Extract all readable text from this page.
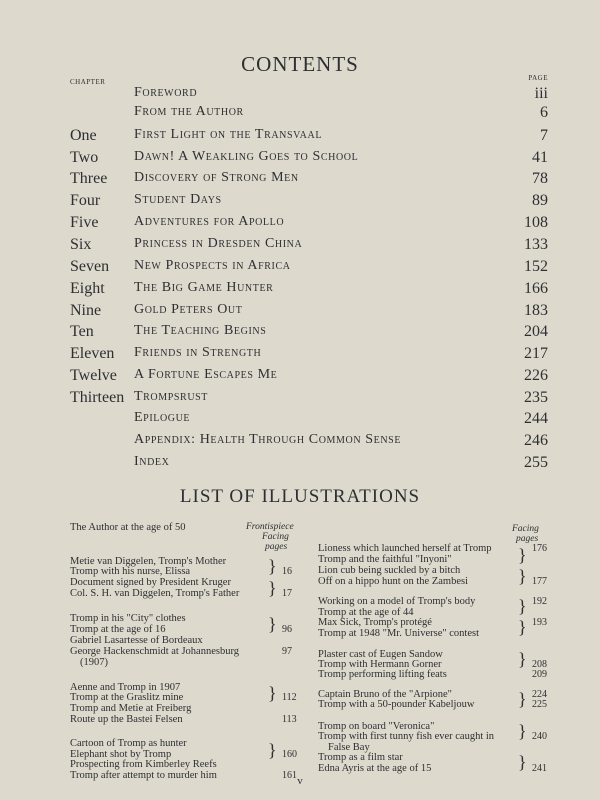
CONTENTS
CHAPTER	PAGE
Foreword	iii
From the Author	6
One	First Light on the Transvaal	7
Two	Dawn! A Weakling Goes to School	41
Three Discovery of Strong Men	78
Four Student Days	89
Five	Adventures for Apollo	108
Six	Princess in Dresden China	133
Seven New Prospects in Africa	152
Eight The Big Game Hunter	166
Nine Gold Peters Out	183
Ten	The Teaching Begins	204
Eleven Friends in Strength	217
Twelve A Fortune Escapes Me	226
Thirteen Trompsrust	235
Epilogue	244
Appendix: Health Through Common Sense	246
Index	255
LIST OF ILLUSTRATIONS
The Author at the age of 50	Frontispiece
Facing
pages
Facing
pages
Metie van Diggelen, Tromp's Mother
Tromp with his nurse, Elissa	16
Document signed by President Kruger
Col. S. H. van Diggelen, Tromp's Father	17
Tromp in his "City" clothes
Tromp at the age of 16	96
Gabriel Lasartesse of Bordeaux
George Hackenschmidt at Johannesburg	97
(1907)
Aenne and Tromp in 1907
Tromp at the Graslitz mine	112
Tromp and Metie at Freiberg
Route up the Bastei Felsen	113
Cartoon of Tromp as hunter
Elephant shot by Tromp	160
Prospecting from Kimberley Reefs
Tromp after attempt to murder him	161
Lioness which launched herself at Tromp	176
Tromp and the faithful "Inyoni"
Lion cub being suckled by a bitch
Off on a hippo hunt on the Zambesi	177
Working on a model of Tromp's body	192
Tromp at the age of 44
Max Sick, Tromp's protégé	193
Tromp at 1948 "Mr. Universe" contest
Plaster cast of Eugen Sandow
Tromp with Hermann Gorner	208
Tromp performing lifting feats	209
Captain Bruno of the "Arpione"	224
Tromp with a 50-pounder Kabeljouw	225
Tromp on board "Veronica"
Tromp with first tunny fish ever caught in	240
False Bay
Tromp as a film star
Edna Ayris at the age of 15	241
}
}
}
}
}
}
}
}
}
}
}
}
}
v
